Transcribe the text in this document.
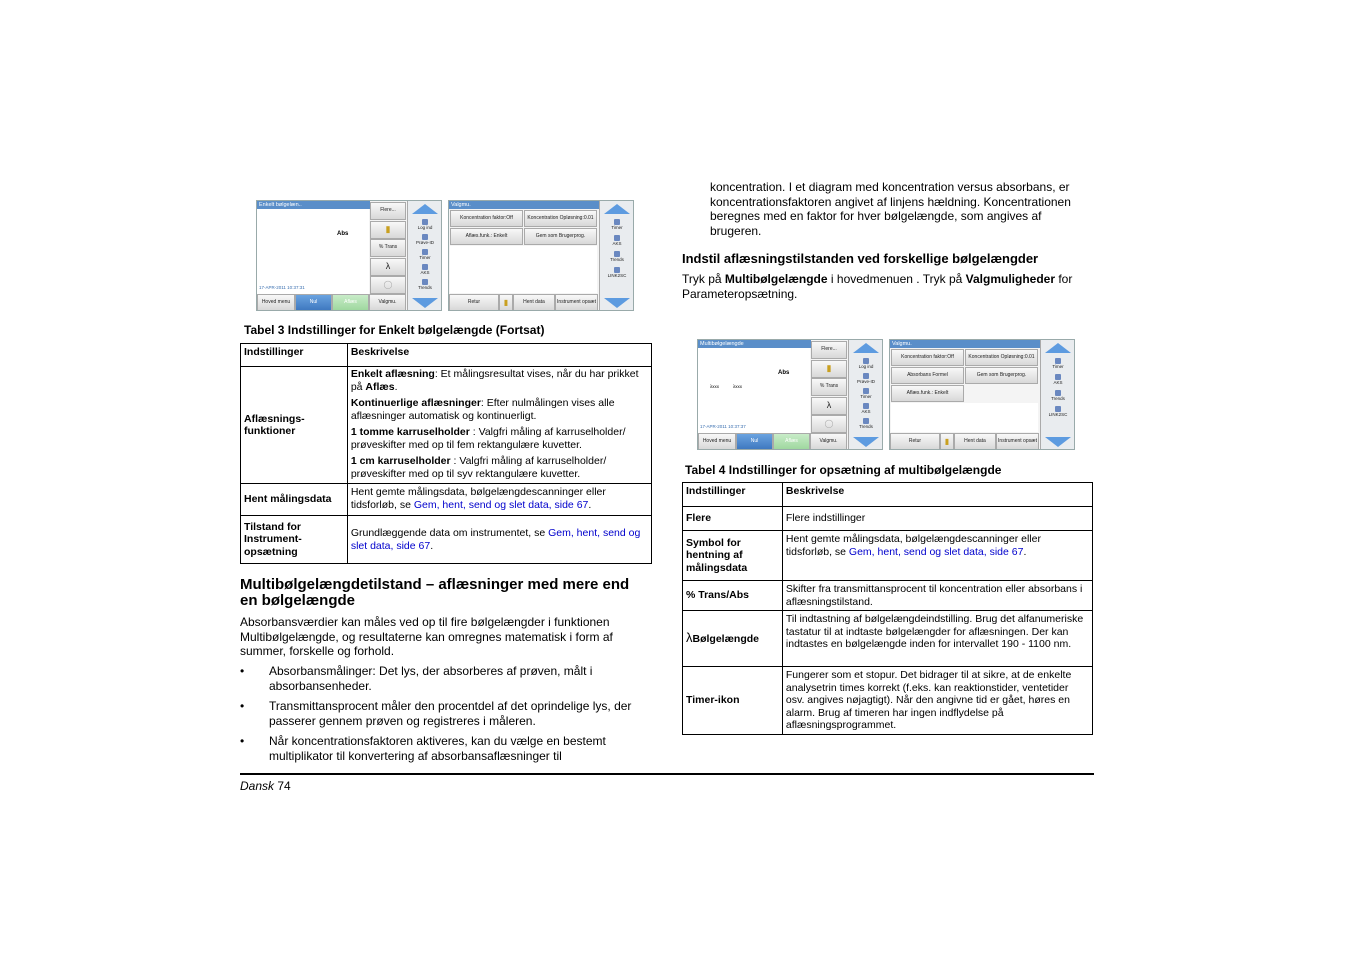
Enkelt bølgelæn..
Abs
17-APR-2011 10:37:31
Flere...
▮
% Trans
λ
◯
Hoved menu	Nul	Aflæs	Valgmu.
Log ind
Prøve-ID
Timer
AKS
Trends
Valgmu.
Koncentration faktor:Off	Koncentration Opløsning:0.01
Aflæs.funk.: Enkelt	Gem som Brugerprog.
Retur	▮	Hent data	Instrument opsæt
Timer
AKS
Trends
LINK2SC
Tabel 3 Indstillinger for Enkelt bølgelængde (Fortsat)
Indstillinger	Beskrivelse
Aflæsnings-funktioner	Enkelt aflæsning: Et målingsresultat vises, når du har prikket på Aflæs.
Kontinuerlige aflæsninger: Efter nulmålingen vises alle aflæsninger automatisk og kontinuerligt.
1 tomme karruselholder : Valgfri måling af karruselholder/ prøveskifter med op til fem rektangulære kuvetter.
1 cm karruselholder : Valgfri måling af karruselholder/ prøveskifter med op til syv rektangulære kuvetter.

Hent målingsdata	Hent gemte målingsdata, bølgelængdescanninger eller tidsforløb, se Gem, hent, send og slet data, side 67.
Tilstand for Instrument-opsætning	Grundlæggende data om instrumentet, se Gem, hent, send og slet data, side 67.
Multibølgelængdetilstand – aflæsninger med mere end en bølgelængde
Absorbansværdier kan måles ved op til fire bølgelængder i funktionen Multibølgelængde, og resultaterne kan omregnes matematisk i form af summer, forskelle og forhold.
• Absorbansmålinger: Det lys, der absorberes af prøven, målt i absorbansenheder.
• Transmittansprocent måler den procentdel af det oprindelige lys, der passerer gennem prøven og registreres i måleren.
• Når koncentrationsfaktoren aktiveres, kan du vælge en bestemt multiplikator til konvertering af absorbansaflæsninger til
koncentration. I et diagram med koncentration versus absorbans, er koncentrationsfaktoren angivet af linjens hældning. Koncentrationen beregnes med en faktor for hver bølgelængde, som angives af brugeren.
Indstil aflæsningstilstanden ved forskellige bølgelængder
Tryk på Multibølgelængde i hovedmenuen . Tryk på Valgmuligheder for Parameteropsætning.
Multibølgelængde
Abs
λxxx	λxxx
17-APR-2011 10:37:37
Flere...
▮
% Trans
λ
◯
Hoved menu	Nul	Aflæs	Valgmu.
Log ind
Prøve-ID
Timer
AKS
Trends
Valgmu.
Koncentration faktor:Off	Koncentration Opløsning:0.01
Absorbans Formel	Gem som Brugerprog.
Aflæs.funk.: Enkelt
Retur	▮	Hent data	Instrument opsæt
Timer
AKS
Trends
LINK2SC
Tabel 4 Indstillinger for opsætning af multibølgelængde
Indstillinger	Beskrivelse
Flere	Flere indstillinger
Symbol for hentning af målingsdata	Hent gemte målingsdata, bølgelængdescanninger eller tidsforløb, se Gem, hent, send og slet data, side 67.
% Trans/Abs	Skifter fra transmittansprocent til koncentration eller absorbans i aflæsningstilstand.
λBølgelængde	Til indtastning af bølgelængdeindstilling. Brug det alfanumeriske tastatur til at indtaste bølgelængder for aflæsningen. Der kan indtastes en bølgelængde inden for intervallet 190 - 1100 nm.
Timer-ikon	Fungerer som et stopur. Det bidrager til at sikre, at de enkelte analysetrin times korrekt (f.eks. kan reaktionstider, ventetider osv. angives nøjagtigt). Når den angivne tid er gået, høres en alarm. Brug af timeren har ingen indflydelse på aflæsningsprogrammet.
Dansk 74
